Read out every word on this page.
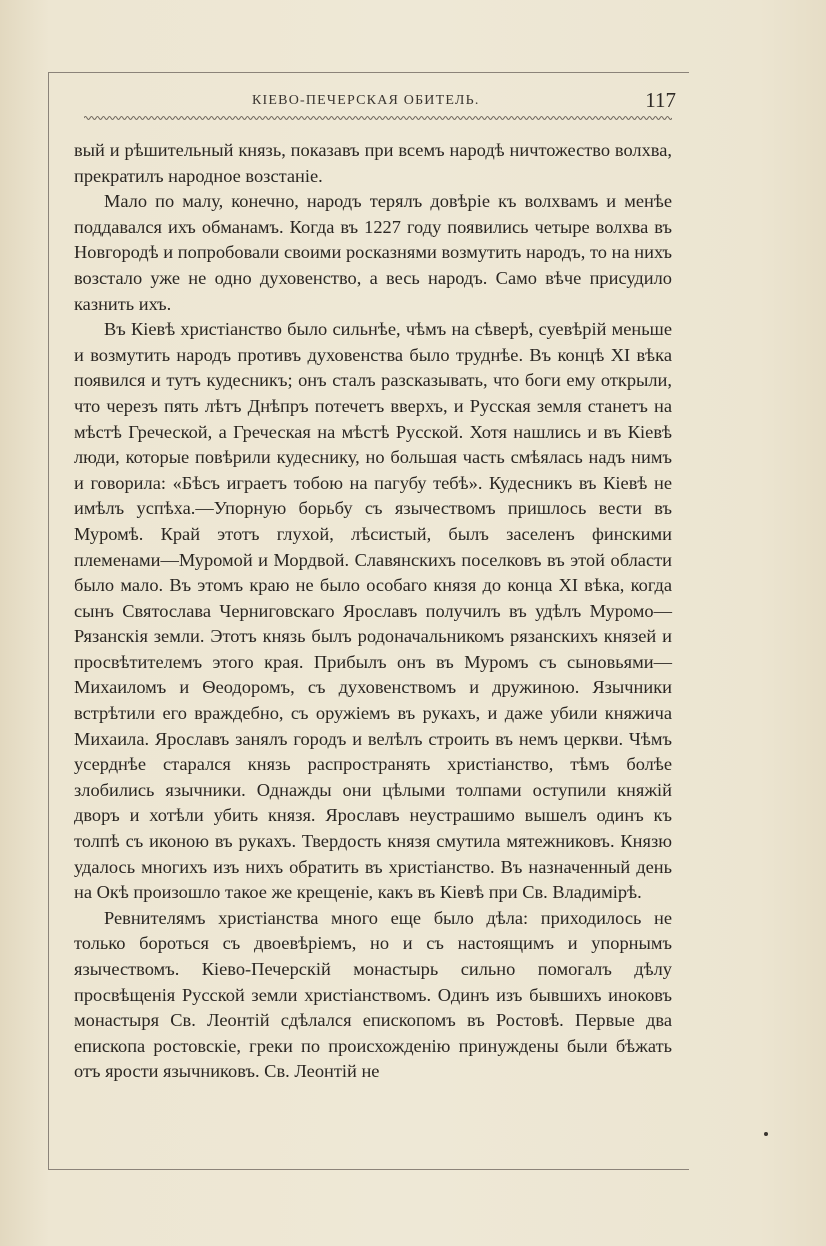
КІЕВО-ПЕЧЕРСКАЯ ОБИТЕЛЬ.	117

вый и рѣшительный князь, показавъ при всемъ народѣ ничтожество волхва, прекратилъ народное возстаніе.

Мало по малу, конечно, народъ терялъ довѣріе къ волхвамъ и менѣе поддавался ихъ обманамъ. Когда въ 1227 году появились четыре волхва въ Новгородѣ и попробовали своими росказнями возмутить народъ, то на нихъ возстало уже не одно духовенство, а весь народъ. Само вѣче присудило казнить ихъ.

Въ Кіевѣ христіанство было сильнѣе, чѣмъ на сѣверѣ, суевѣрій меньше и возмутить народъ противъ духовенства было труднѣе. Въ концѣ XI вѣка появился и тутъ кудесникъ; онъ сталъ разсказывать, что боги ему открыли, что черезъ пять лѣтъ Днѣпръ потечетъ вверхъ, и Русская земля станетъ на мѣстѣ Греческой, а Греческая на мѣстѣ Русской. Хотя нашлись и въ Кіевѣ люди, которые повѣрили кудеснику, но большая часть смѣялась надъ нимъ и говорила: «Бѣсъ играетъ тобою на пагубу тебѣ». Кудесникъ въ Кіевѣ не имѣлъ успѣха.—Упорную борьбу съ язычествомъ пришлось вести въ Муромѣ. Край этотъ глухой, лѣсистый, былъ заселенъ финскими племенами—Муромой и Мордвой. Славянскихъ поселковъ въ этой области было мало. Въ этомъ краю не было особаго князя до конца XI вѣка, когда сынъ Святослава Черниговскаго Ярославъ получилъ въ удѣлъ Муромо—Рязанскія земли. Этотъ князь былъ родоначальникомъ рязанскихъ князей и просвѣтителемъ этого края. Прибылъ онъ въ Муромъ съ сыновьями—Михаиломъ и Ѳеодоромъ, съ духовенствомъ и дружиною. Язычники встрѣтили его враждебно, съ оружіемъ въ рукахъ, и даже убили княжича Михаила. Ярославъ занялъ городъ и велѣлъ строить въ немъ церкви. Чѣмъ усерднѣе старался князь распространять христіанство, тѣмъ болѣе злобились язычники. Однажды они цѣлыми толпами оступили княжій дворъ и хотѣли убить князя. Ярославъ неустрашимо вышелъ одинъ къ толпѣ съ иконою въ рукахъ. Твердость князя смутила мятежниковъ. Князю удалось многихъ изъ нихъ обратить въ христіанство. Въ назначенный день на Окѣ произошло такое же крещеніе, какъ въ Кіевѣ при Св. Владимірѣ.

Ревнителямъ христіанства много еще было дѣла: приходилось не только бороться съ двоевѣріемъ, но и съ настоящимъ и упорнымъ язычествомъ. Кіево-Печерскій монастырь сильно помогалъ дѣлу просвѣщенія Русской земли христіанствомъ. Одинъ изъ бывшихъ иноковъ монастыря Св. Леонтій сдѣлался епископомъ въ Ростовѣ. Первые два епископа ростовскіе, греки по происхожденію принуждены были бѣжать отъ ярости язычниковъ. Св. Леонтій не
